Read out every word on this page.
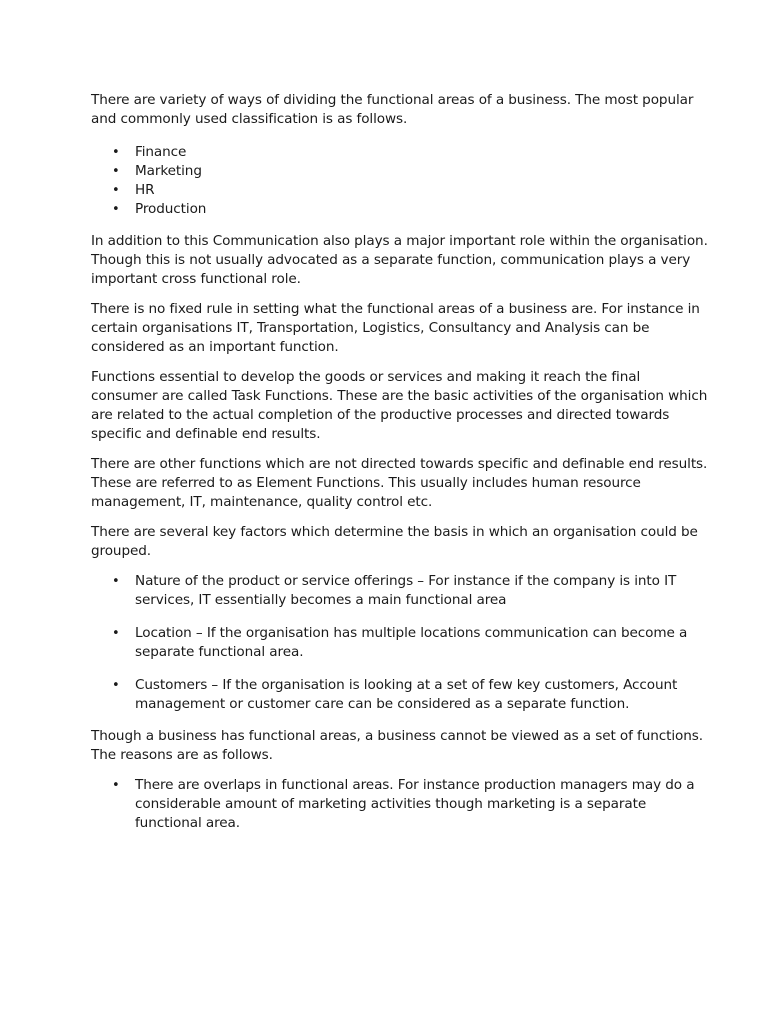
There are variety of ways of dividing the functional areas of a business. The most popular and commonly used classification is as follows.

• Finance
• Marketing
• HR
• Production

In addition to this Communication also plays a major important role within the organisation. Though this is not usually advocated as a separate function, communication plays a very important cross functional role.

There is no fixed rule in setting what the functional areas of a business are. For instance in certain organisations IT, Transportation, Logistics, Consultancy and Analysis can be considered as an important function.

Functions essential to develop the goods or services and making it reach the final consumer are called Task Functions. These are the basic activities of the organisation which are related to the actual completion of the productive processes and directed towards specific and definable end results.

There are other functions which are not directed towards specific and definable end results. These are referred to as Element Functions. This usually includes human resource management, IT, maintenance, quality control etc.

There are several key factors which determine the basis in which an organisation could be grouped.

• Nature of the product or service offerings – For instance if the company is into IT services, IT essentially becomes a main functional area
• Location – If the organisation has multiple locations communication can become a separate functional area.
• Customers – If the organisation is looking at a set of few key customers, Account management or customer care can be considered as a separate function.

Though a business has functional areas, a business cannot be viewed as a set of functions. The reasons are as follows.

• There are overlaps in functional areas. For instance production managers may do a considerable amount of marketing activities though marketing is a separate functional area.
